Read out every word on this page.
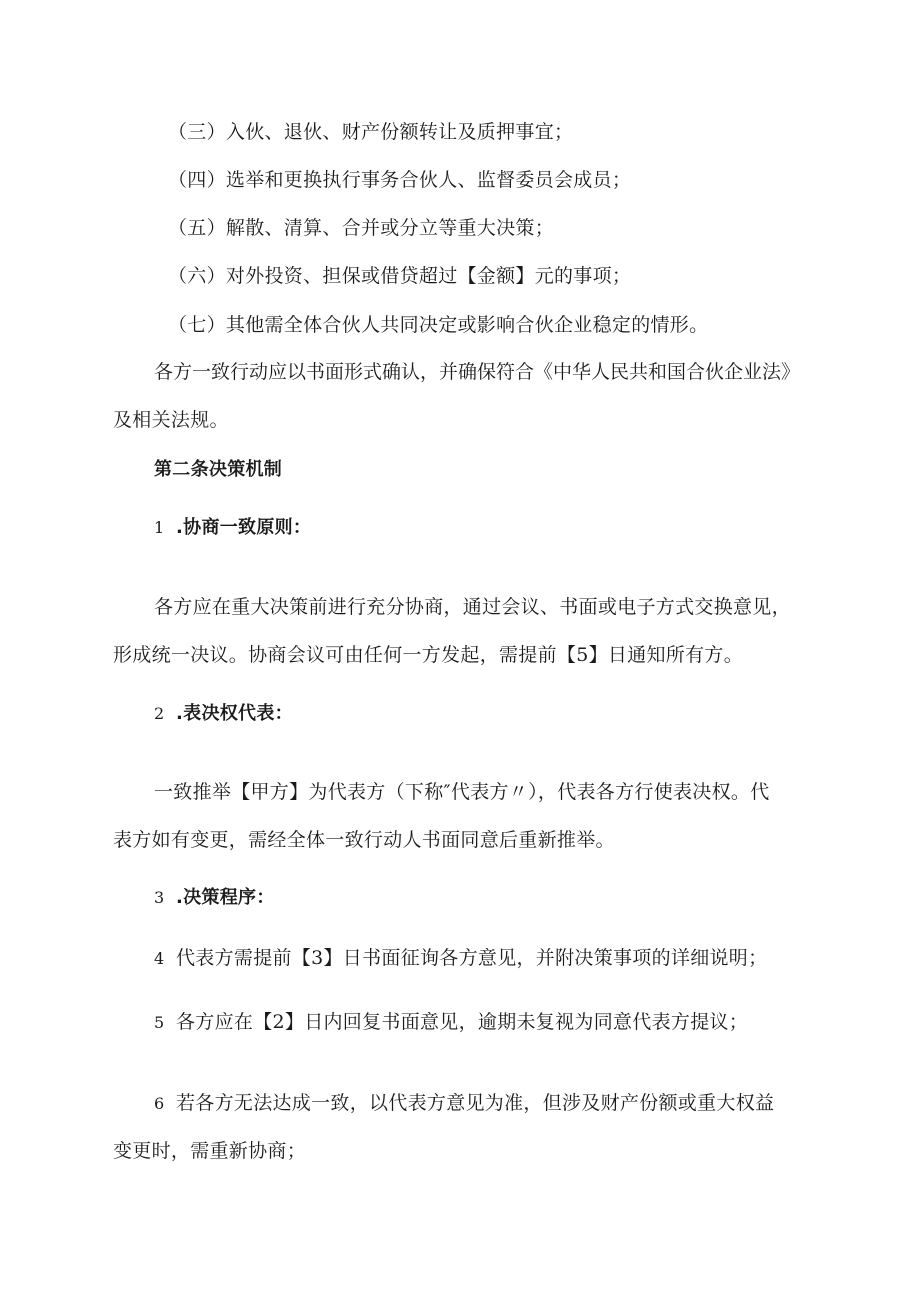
（三）入伙、退伙、财产份额转让及质押事宜；
（四）选举和更换执行事务合伙人、监督委员会成员；
（五）解散、清算、合并或分立等重大决策；
（六）对外投资、担保或借贷超过【金额】元的事项；
（七）其他需全体合伙人共同决定或影响合伙企业稳定的情形。
各方一致行动应以书面形式确认，并确保符合《中华人民共和国合伙企业法》
及相关法规。
第二条决策机制
1 .协商一致原则：
各方应在重大决策前进行充分协商，通过会议、书面或电子方式交换意见，
形成统一决议。协商会议可由任何一方发起，需提前【5】日通知所有方。
2 .表决权代表：
一致推举【甲方】为代表方（下称″代表方〃），代表各方行使表决权。代
表方如有变更，需经全体一致行动人书面同意后重新推举。
3 .决策程序：
4 代表方需提前【3】日书面征询各方意见，并附决策事项的详细说明；
5 各方应在【2】日内回复书面意见，逾期未复视为同意代表方提议；
6 若各方无法达成一致，以代表方意见为准，但涉及财产份额或重大权益
变更时，需重新协商；
